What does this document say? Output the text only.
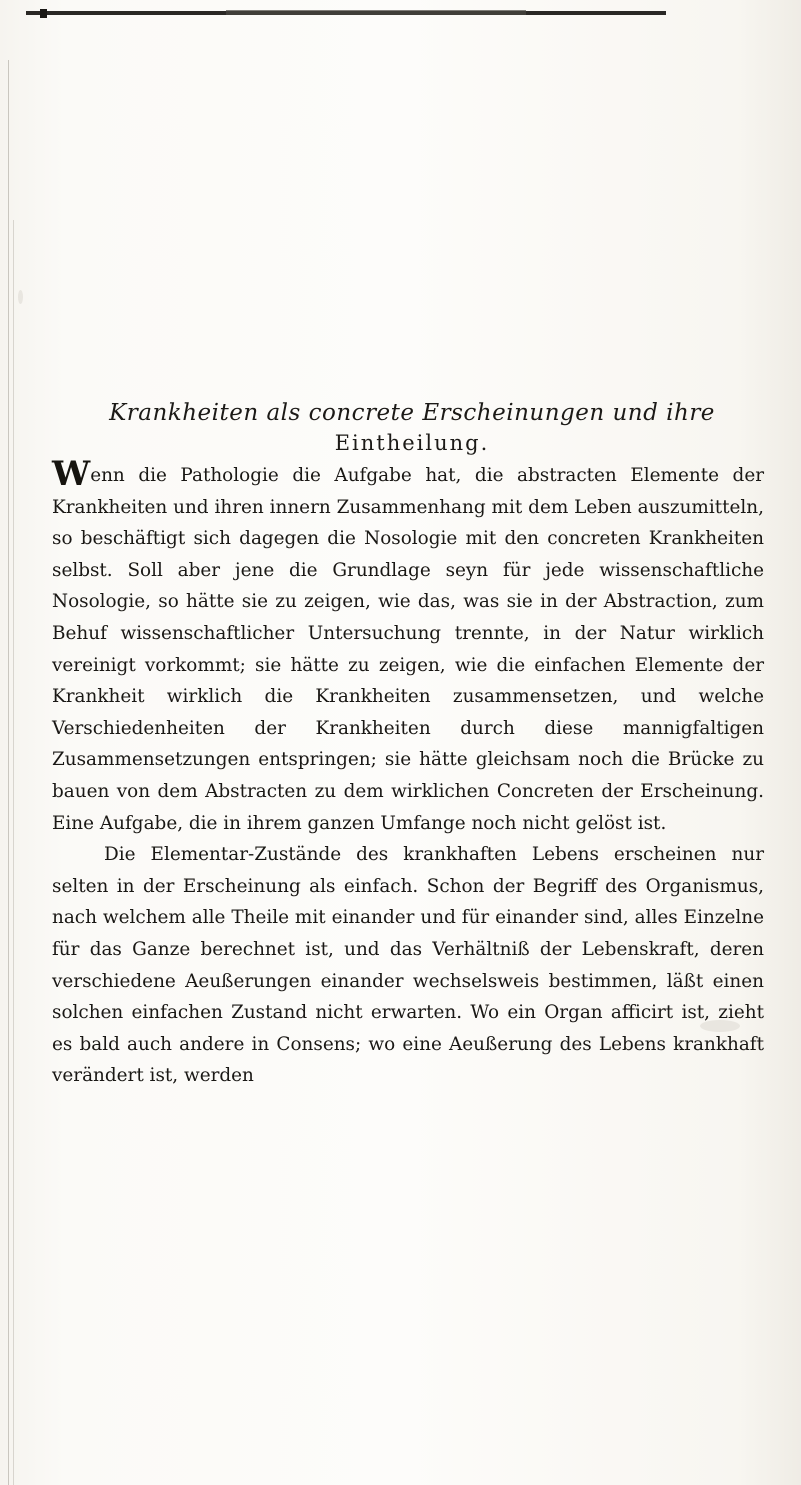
Krankheiten als concrete Erscheinungen und ihre
Eintheilung.

Wenn die Pathologie die Aufgabe hat, die abstracten Elemente der Krankheiten und ihren innern Zusammenhang mit dem Leben auszumitteln, so beschäftigt sich dagegen die Nosologie mit den concreten Krankheiten selbst. Soll aber jene die Grundlage seyn für jede wissenschaftliche Nosologie, so hätte sie zu zeigen, wie das, was sie in der Abstraction, zum Behuf wissenschaftlicher Untersuchung trennte, in der Natur wirklich vereinigt vorkommt; sie hätte zu zeigen, wie die einfachen Elemente der Krankheit wirklich die Krankheiten zusammensetzen, und welche Verschiedenheiten der Krankheiten durch diese mannigfaltigen Zusammensetzungen entspringen; sie hätte gleichsam noch die Brücke zu bauen von dem Abstracten zu dem wirklichen Concreten der Erscheinung. Eine Aufgabe, die in ihrem ganzen Umfange noch nicht gelöst ist.

Die Elementar-Zustände des krankhaften Lebens erscheinen nur selten in der Erscheinung als einfach. Schon der Begriff des Organismus, nach welchem alle Theile mit einander und für einander sind, alles Einzelne für das Ganze berechnet ist, und das Verhältniß der Lebenskraft, deren verschiedene Aeußerungen einander wechselsweis bestimmen, läßt einen solchen einfachen Zustand nicht erwarten. Wo ein Organ afficirt ist, zieht es bald auch andere in Consens; wo eine Aeußerung des Lebens krankhaft verändert ist, werden
